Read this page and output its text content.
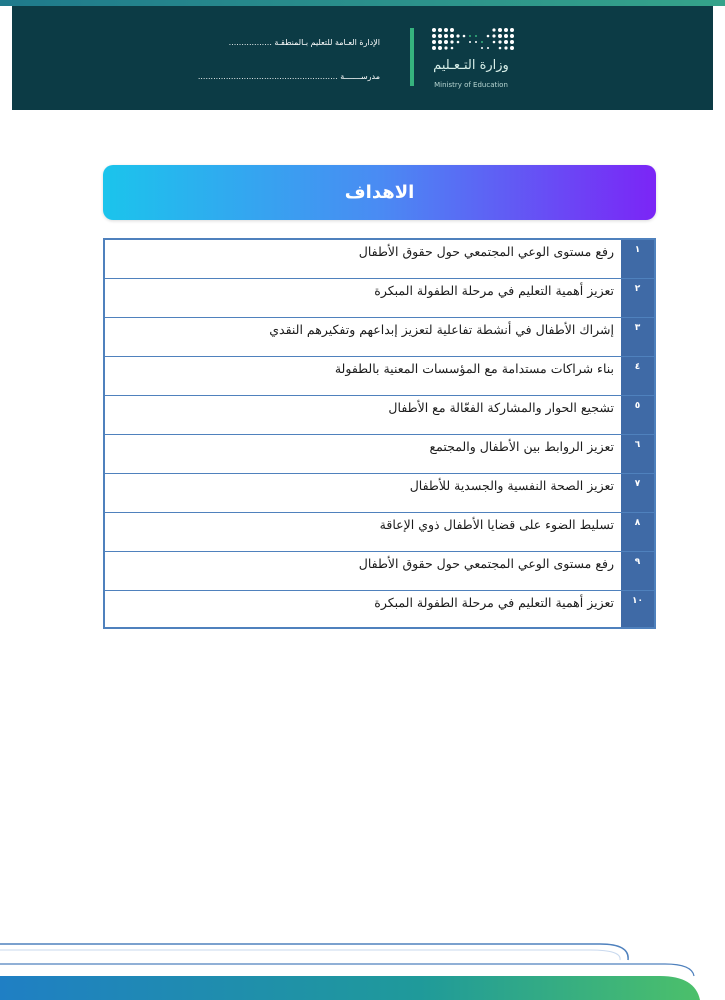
الإدارة العـامة للتعليم بـالمنطقـة .................
مدرســـــــة .......................................................
وزارة التـعـليم
Ministry of Education
الاهداف
١
رفع مستوى الوعي المجتمعي حول حقوق الأطفال
٢
تعزيز أهمية التعليم في مرحلة الطفولة المبكرة
٣
إشراك الأطفال في أنشطة تفاعلية لتعزيز إبداعهم وتفكيرهم النقدي
٤
بناء شراكات مستدامة مع المؤسسات المعنية بالطفولة
٥
تشجيع الحوار والمشاركة الفعّالة مع الأطفال
٦
تعزيز الروابط بين الأطفال والمجتمع
٧
تعزيز الصحة النفسية والجسدية للأطفال
٨
تسليط الضوء على قضايا الأطفال ذوي الإعاقة
٩
رفع مستوى الوعي المجتمعي حول حقوق الأطفال
١٠
تعزيز أهمية التعليم في مرحلة الطفولة المبكرة
